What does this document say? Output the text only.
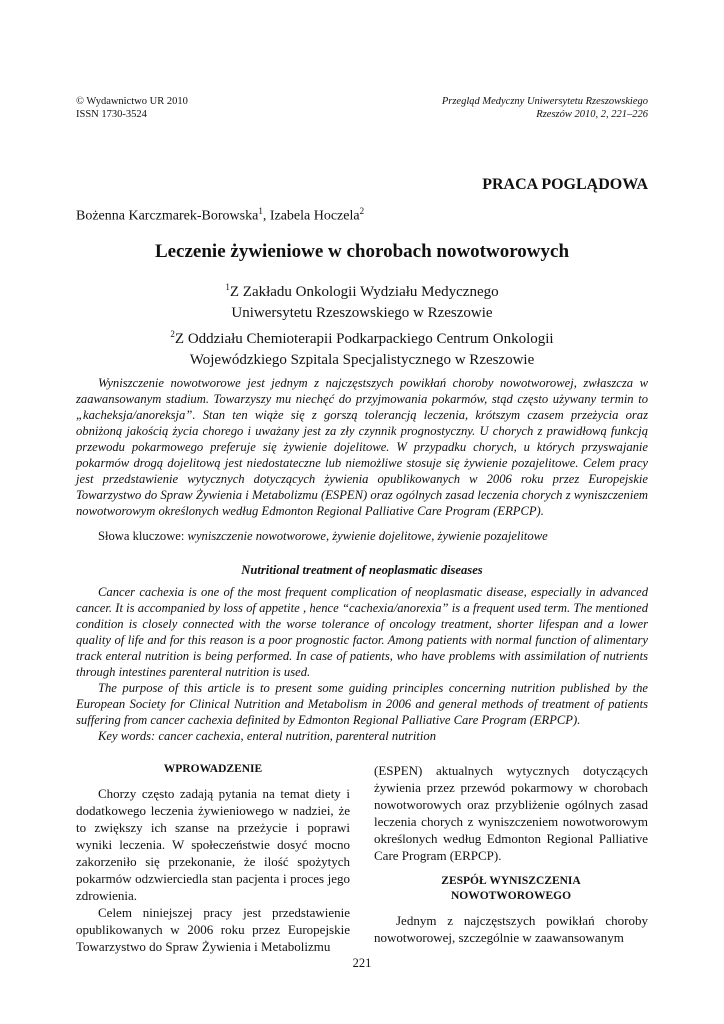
© Wydawnictwo UR 2010
ISSN 1730-3524
Przegląd Medyczny Uniwersytetu Rzeszowskiego
Rzeszów 2010, 2, 221–226
PRACA POGLĄDOWA
Bożenna Karczmarek-Borowska$^1$, Izabela Hoczela$^2$
Leczenie żywieniowe w chorobach nowotworowych
$^1$Z Zakładu Onkologii Wydziału Medycznego
Uniwersytetu Rzeszowskiego w Rzeszowie
$^2$Z Oddziału Chemioterapii Podkarpackiego Centrum Onkologii
Wojewódzkiego Szpitala Specjalistycznego w Rzeszowie

Wyniszczenie nowotworowe jest jednym z najczęstszych powikłań choroby nowotworowej, zwłaszcza w zaawansowanym stadium. Towarzyszy mu niechęć do przyjmowania pokarmów, stąd często używany termin to „kacheksja/anoreksja”. Stan ten wiąże się z gorszą tolerancją leczenia, krótszym czasem przeżycia oraz obniżoną jakością życia chorego i uważany jest za zły czynnik prognostyczny. U chorych z prawidłową funkcją przewodu pokarmowego preferuje się żywienie dojelitowe. W przypadku chorych, u których przyswajanie pokarmów drogą dojelitową jest niedostateczne lub niemożliwe stosuje się żywienie pozajelitowe. Celem pracy jest przedstawienie wytycznych dotyczących żywienia opublikowanych w 2006 roku przez Europejskie Towarzystwo do Spraw Żywienia i Metabolizmu (ESPEN) oraz ogólnych zasad leczenia chorych z wyniszczeniem nowotworowym określonych według Edmonton Regional Palliative Care Program (ERPCP).

Słowa kluczowe: wyniszczenie nowotworowe, żywienie dojelitowe, żywienie pozajelitowe
Nutritional treatment of neoplasmatic diseases

Cancer cachexia is one of the most frequent complication of neoplasmatic disease, especially in advanced cancer. It is accompanied by loss of appetite , hence “cachexia/anorexia” is a frequent used term. The mentioned condition is closely connected with the worse tolerance of oncology treatment, shorter lifespan and a lower quality of life and for this reason is a poor prognostic factor. Among patients with normal function of alimentary track enteral nutrition is being performed. In case of patients, who have problems with assimilation of nutrients through intestines parenteral nutrition is used.

The purpose of this article is to present some guiding principles concerning nutrition published by the European Society for Clinical Nutrition and Metabolism in 2006 and general methods of treatment of patients suffering from cancer cachexia definited by Edmonton Regional Palliative Care Program (ERPCP).

Key words: cancer cachexia, enteral nutrition, parenteral nutrition

WPROWADZENIE

Chorzy często zadają pytania na temat diety i dodatkowego leczenia żywieniowego w nadziei, że to zwiększy ich szanse na przeżycie i poprawi wyniki leczenia. W społeczeństwie dosyć mocno zakorzeniło się przekonanie, że ilość spożytych pokarmów odzwierciedla stan pacjenta i proces jego zdrowienia.

Celem niniejszej pracy jest przedstawienie opublikowanych w 2006 roku przez Europejskie Towarzystwo do Spraw Żywienia i Metabolizmu

(ESPEN) aktualnych wytycznych dotyczących żywienia przez przewód pokarmowy w chorobach nowotworowych oraz przybliżenie ogólnych zasad leczenia chorych z wyniszczeniem nowotworowym określonych według Edmonton Regional Palliative Care Program (ERPCP).

ZESPÓŁ WYNISZCZENIA
NOWOTWOROWEGO

Jednym z najczęstszych powikłań choroby nowotworowej, szczególnie w zaawansowanym

221
